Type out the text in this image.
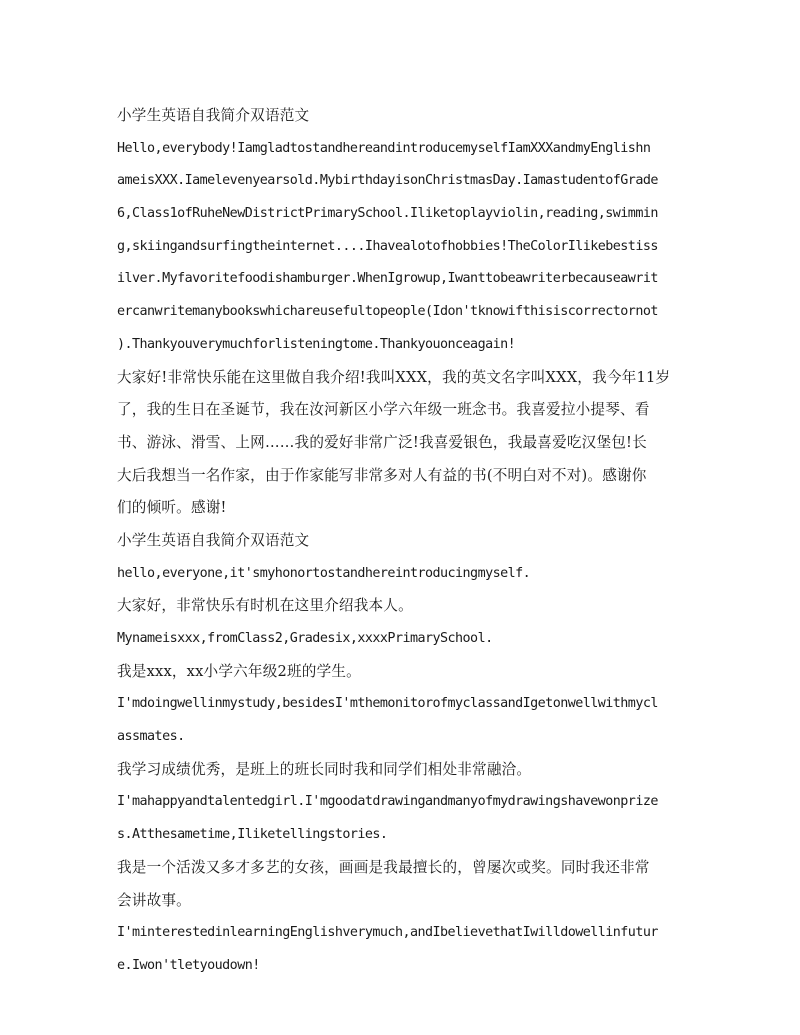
小学生英语自我简介双语范文
Hello,everybody!IamgladtostandhereandintroducemyselfIamXXXandmyEnglishn
ameisXXX.Iamelevenyearsold.MybirthdayisonChristmasDay.IamastudentofGrade
6,Class1ofRuheNewDistrictPrimarySchool.Iliketoplayviolin,reading,swimmin
g,skiingandsurfingtheinternet....Ihavealotofhobbies!TheColorIlikebestiss
ilver.Myfavoritefoodishamburger.WhenIgrowup,Iwanttobeawriterbecauseawrit
ercanwritemanybookswhichareusefultopeople(Idon'tknowifthisiscorrectornot
).Thankyouverymuchforlisteningtome.Thankyouonceagain!
大家好!非常快乐能在这里做自我介绍!我叫XXX，我的英文名字叫XXX，我今年11岁
了，我的生日在圣诞节，我在汝河新区小学六年级一班念书。我喜爱拉小提琴、看
书、游泳、滑雪、上网……我的爱好非常广泛!我喜爱银色，我最喜爱吃汉堡包!长
大后我想当一名作家，由于作家能写非常多对人有益的书(不明白对不对)。感谢你
们的倾听。感谢!
小学生英语自我简介双语范文
hello,everyone,it'smyhonortostandhereintroducingmyself.
大家好，非常快乐有时机在这里介绍我本人。
Mynameisxxx,fromClass2,Gradesix,xxxxPrimarySchool.
我是xxx，xx小学六年级2班的学生。
I'mdoingwellinmystudy,besidesI'mthemonitorofmyclassandIgetonwellwithmycl
assmates.
我学习成绩优秀，是班上的班长同时我和同学们相处非常融洽。
I'mahappyandtalentedgirl.I'mgoodatdrawingandmanyofmydrawingshavewonprize
s.Atthesametime,Iliketellingstories.
我是一个活泼又多才多艺的女孩，画画是我最擅长的，曾屡次或奖。同时我还非常
会讲故事。
I'minterestedinlearningEnglishverymuch,andIbelievethatIwilldowellinfutur
e.Iwon'tletyoudown!
